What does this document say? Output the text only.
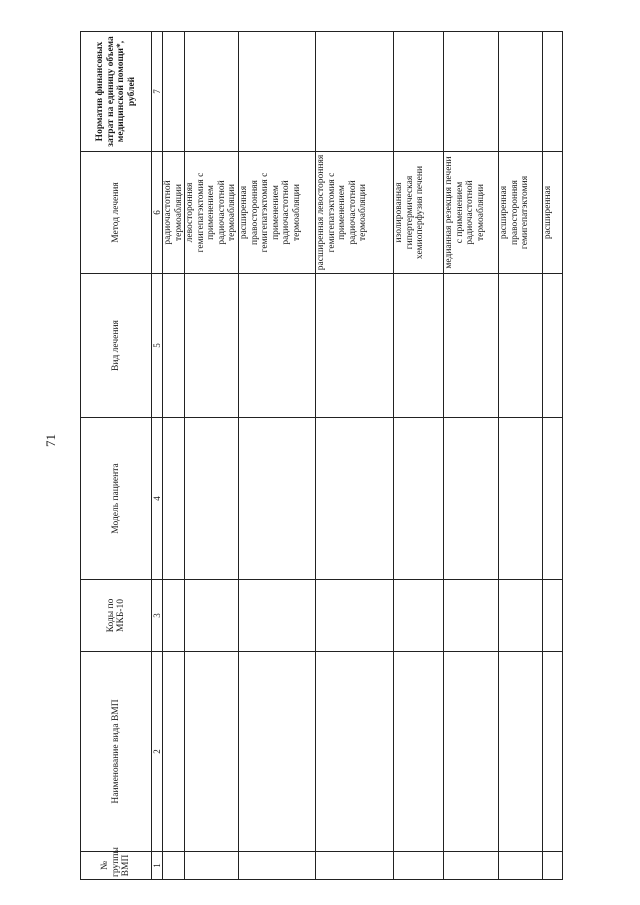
71
№ группы ВМП	Наименование вида ВМП	Коды по МКБ-10	Модель пациента	Вид лечения	Метод лечения	Норматив финансовых затрат на единицу объема медицинской помощи*, рублей
1	2	3	4	5	6	7
					радиочастотной термоабляции	
					левосторонняя гемигепатэктомия с применением радиочастотной термоабляции	
					расширенная правосторонняя гемигепатэктомия с применением радиочастотной термоабляции	
					расширенная левосторонняя гемигепатэктомия с применением радиочастотной термоабляции	
					изолированная гипертермическая хемиоперфузия печени	
					медианная резекция печени с применением радиочастотной термоабляции	
					расширенная правосторонняя гемигепатэктомия	
					расширенная	
